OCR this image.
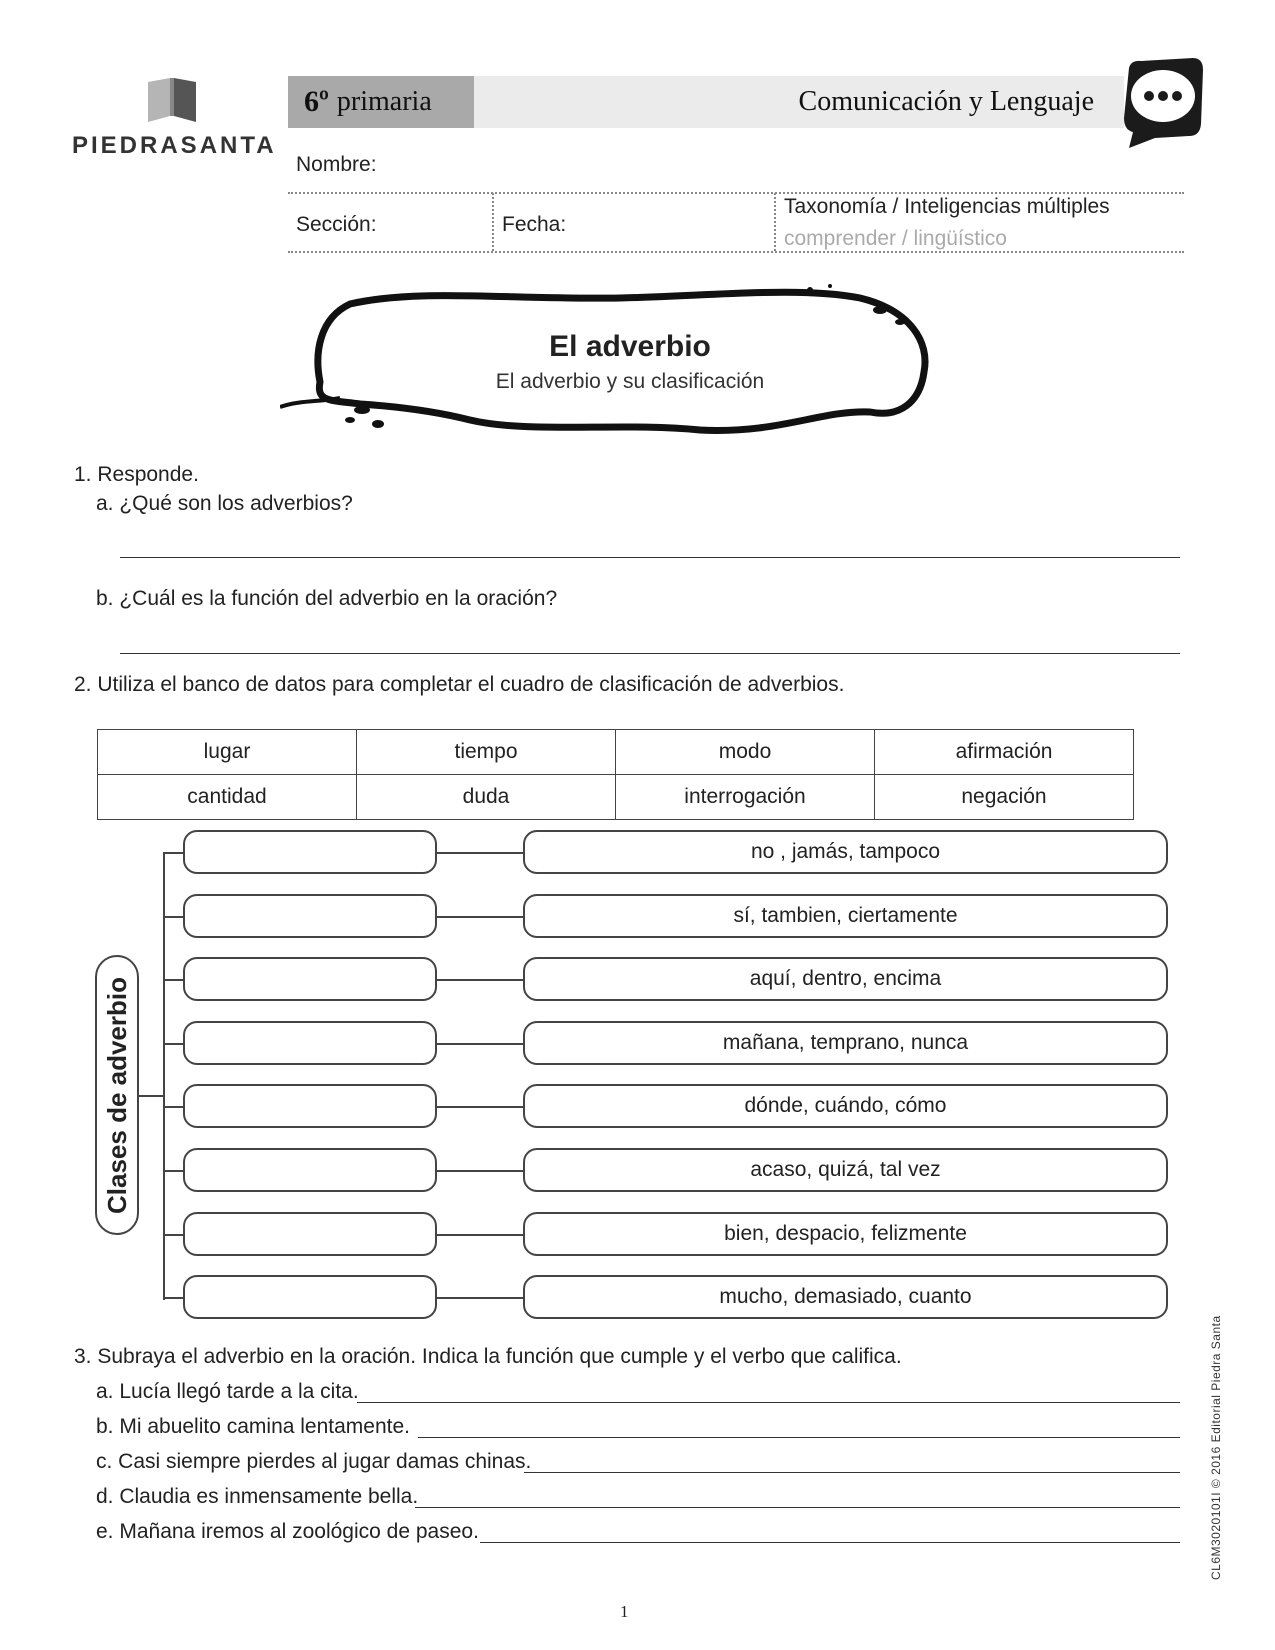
PIEDRASANTA
6º primaria	Comunicación y Lenguaje
Nombre:
Sección:	Fecha:
Taxonomía / Inteligencias múltiples
comprender / lingüístico
El adverbio
El adverbio y su clasificación
1. Responde.
a. ¿Qué son los adverbios?
b. ¿Cuál es la función del adverbio en la oración?
2. Utiliza el banco de datos para completar el cuadro de clasificación de adverbios.
lugar	tiempo	modo	afirmación
cantidad	duda	interrogación	negación
Clases de adverbio
no , jamás, tampoco
sí, tambien, ciertamente
aquí, dentro, encima
mañana, temprano, nunca
dónde, cuándo, cómo
acaso, quizá, tal vez
bien, despacio, felizmente
mucho, demasiado, cuanto
3. Subraya el adverbio en la oración. Indica la función que cumple y el verbo que califica.
a. Lucía llegó tarde a la cita.
b. Mi abuelito camina lentamente.
c. Casi siempre pierdes al jugar damas chinas.
d. Claudia es inmensamente bella.
e. Mañana iremos al zoológico de paseo.	CL6M3020101I © 2016 Editorial Piedra Santa
1
